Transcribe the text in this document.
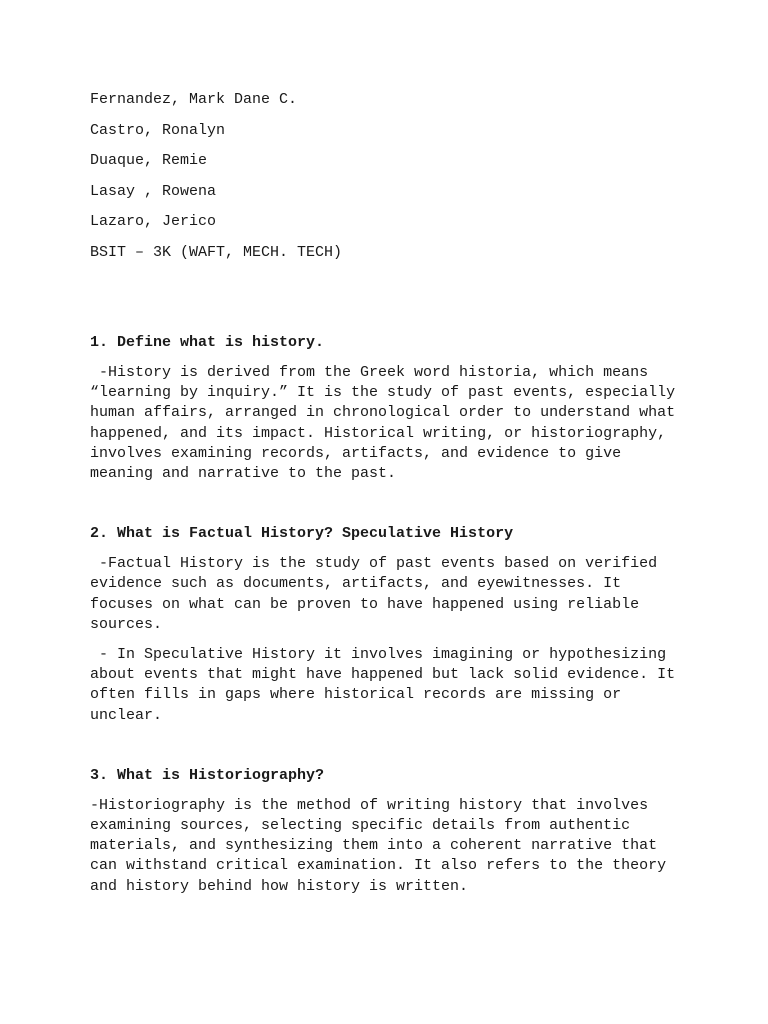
Fernandez, Mark Dane C.
Castro, Ronalyn
Duaque, Remie
Lasay , Rowena
Lazaro, Jerico
BSIT – 3K (WAFT, MECH. TECH)
1. Define what is history.
-History is derived from the Greek word historia, which means
“learning by inquiry.” It is the study of past events, especially
human affairs, arranged in chronological order to understand what
happened, and its impact. Historical writing, or historiography,
involves examining records, artifacts, and evidence to give
meaning and narrative to the past.
2. What is Factual History? Speculative History
-Factual History is the study of past events based on verified
evidence such as documents, artifacts, and eyewitnesses. It
focuses on what can be proven to have happened using reliable
sources.
- In Speculative History it involves imagining or hypothesizing
about events that might have happened but lack solid evidence. It
often fills in gaps where historical records are missing or
unclear.
3. What is Historiography?
-Historiography is the method of writing history that involves
examining sources, selecting specific details from authentic
materials, and synthesizing them into a coherent narrative that
can withstand critical examination. It also refers to the theory
and history behind how history is written.
